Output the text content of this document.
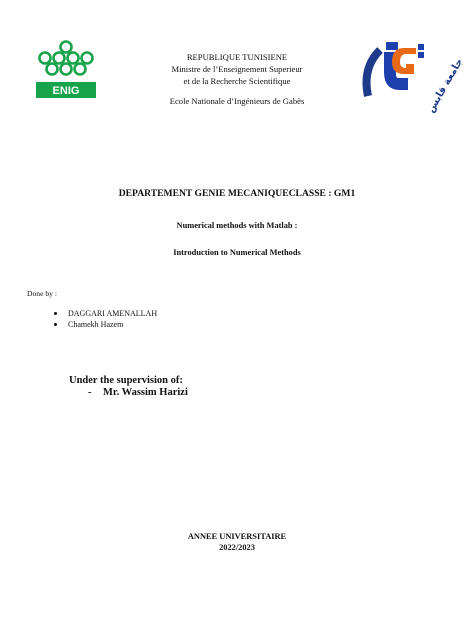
ENIG	جامعة قابس
REPUBLIQUE TUNISIENE
Ministre de l’Enseignement Superieur
et de la Recherche Scientifique
Ecole Nationale d’Ingénieurs de Gabès
DEPARTEMENT GENIE MECANIQUECLASSE : GM1
Numerical methods with Matlab :
Introduction to Numerical Methods
Done by :
DAGGARI AMENALLAH
Chamekh Hazem
Under the supervision of:
- Mr. Wassim Harizi
ANNEE UNIVERSITAIRE
2022/2023
